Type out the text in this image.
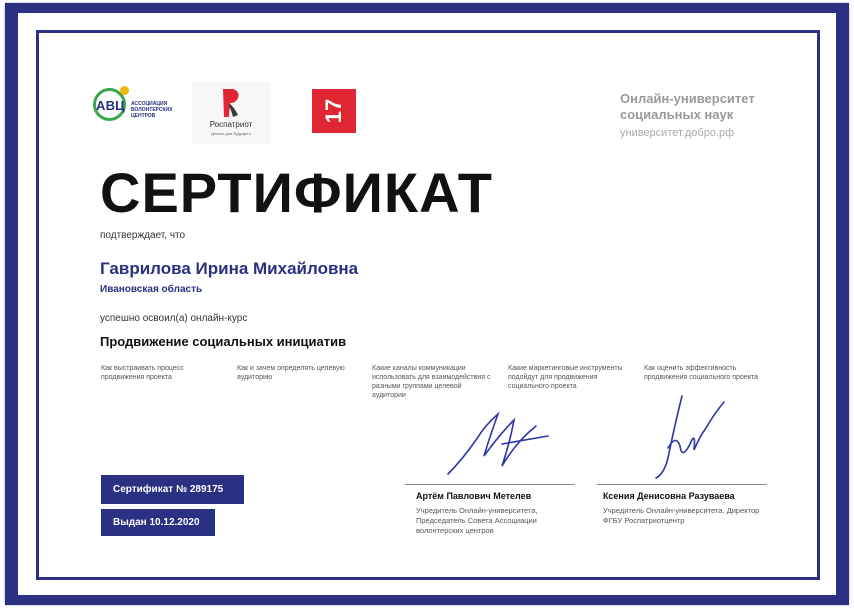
АВЦ АССОЦИАЦИЯ ВОЛОНТЕРСКИХ ЦЕНТРОВ
Роспатриот
Делать для будущего
17
Онлайн-университет социальных наук
университет.добро.рф
СЕРТИФИКАТ
подтверждает, что
Гаврилова Ирина Михайловна
Ивановская область
успешно освоил(а) онлайн-курс
Продвижение социальных инициатив
Как выстраивать процесс продвижения проекта
Как и зачем определять целевую аудиторию
Какие каналы коммуникации использовать для взаимодействия с разными группами целевой аудитории
Какие маркетинговые инструменты подойдут для продвижения социального проекта
Как оценить эффективность продвижения социального проекта
Артём Павлович Метелев
Учредитель Онлайн-университета, Председатель Совета Ассоциации волонтерских центров
Ксения Денисовна Разуваева
Учредитель Онлайн-университета, Директор ФГБУ Роспатриотцентр
Сертификат № 289175
Выдан 10.12.2020
